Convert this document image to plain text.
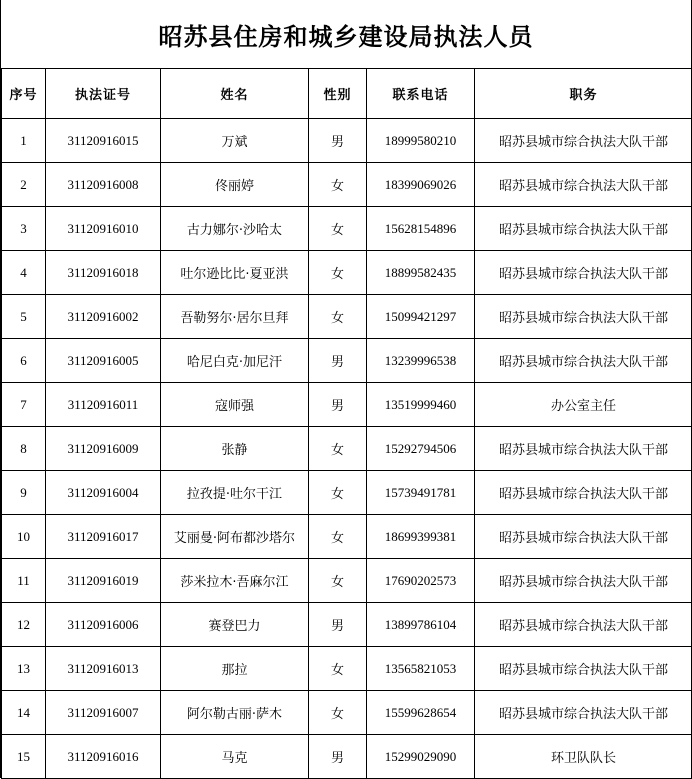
昭苏县住房和城乡建设局执法人员
序号	执法证号	姓名	性别	联系电话	职务
1	31120916015	万斌	男	18999580210	昭苏县城市综合执法大队干部
2	31120916008	佟丽婷	女	18399069026	昭苏县城市综合执法大队干部
3	31120916010	古力娜尔·沙哈太	女	15628154896	昭苏县城市综合执法大队干部
4	31120916018	吐尔逊比比·夏亚洪	女	18899582435	昭苏县城市综合执法大队干部
5	31120916002	吾勒努尔·居尔旦拜	女	15099421297	昭苏县城市综合执法大队干部
6	31120916005	哈尼白克·加尼汗	男	13239996538	昭苏县城市综合执法大队干部
7	31120916011	寇师强	男	13519999460	办公室主任
8	31120916009	张静	女	15292794506	昭苏县城市综合执法大队干部
9	31120916004	拉孜提·吐尔干江	女	15739491781	昭苏县城市综合执法大队干部
10	31120916017	艾丽曼·阿布都沙塔尔	女	18699399381	昭苏县城市综合执法大队干部
11	31120916019	莎米拉木·吾麻尔江	女	17690202573	昭苏县城市综合执法大队干部
12	31120916006	赛登巴力	男	13899786104	昭苏县城市综合执法大队干部
13	31120916013	那拉	女	13565821053	昭苏县城市综合执法大队干部
14	31120916007	阿尔勒古丽·萨木	女	15599628654	昭苏县城市综合执法大队干部
15	31120916016	马克	男	15299029090	环卫队队长
